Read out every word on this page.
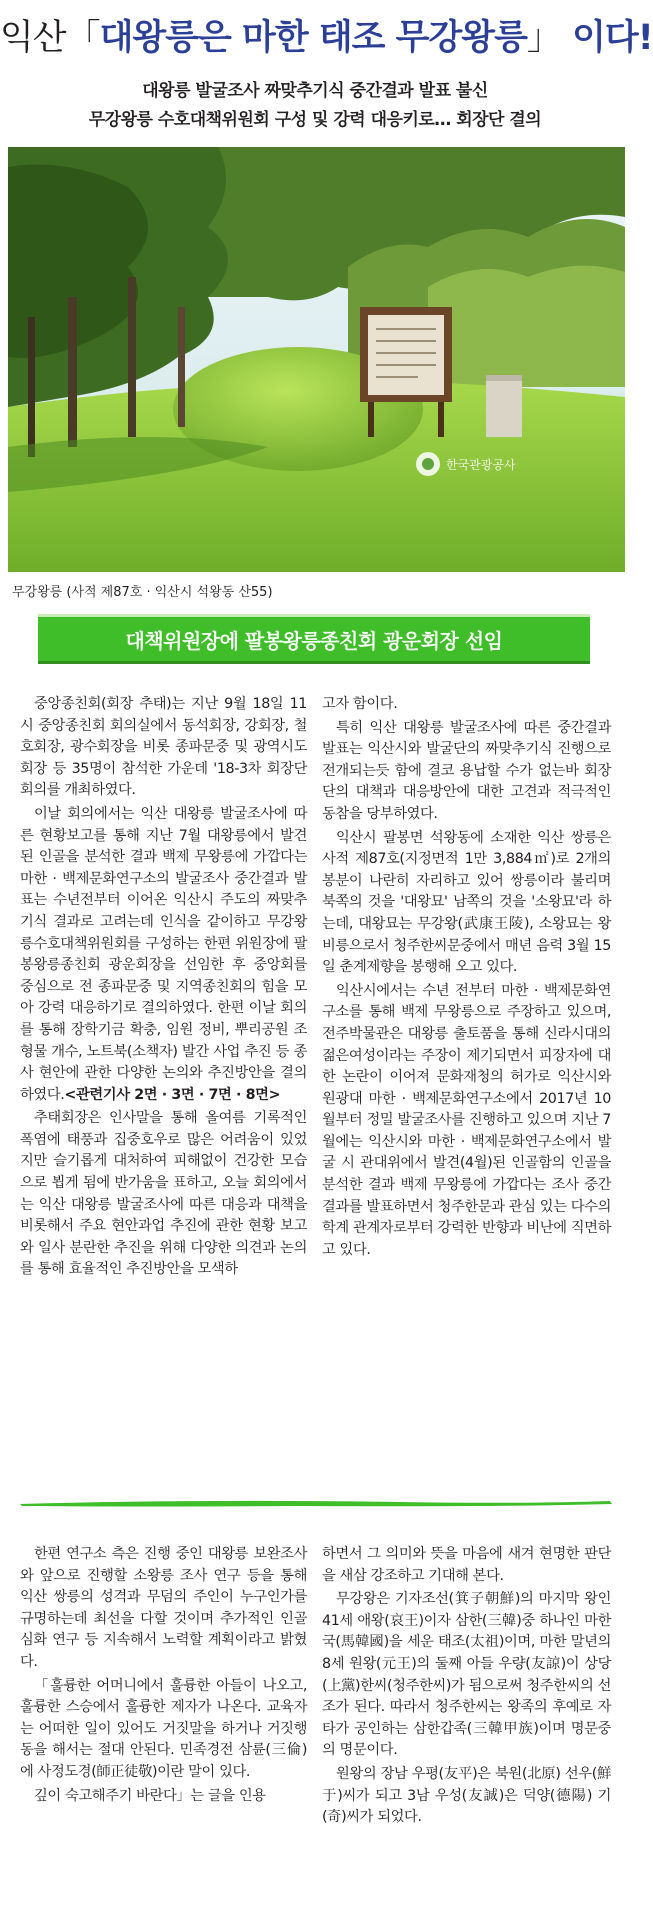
익산「대왕릉은 마한 태조 무강왕릉」 이다!
대왕릉 발굴조사 짜맞추기식 중간결과 발표 불신
무강왕릉 수호대책위원회 구성 및 강력 대응키로… 회장단 결의
한국관광공사
무강왕릉 (사적 제87호 · 익산시 석왕동 산55)
대책위원장에 팔봉왕릉종친회 광운회장 선임

중앙종친회(회장 추태)는 지난 9월 18일 11시 중앙종친회 회의실에서 동석회장, 강회장, 철호회장, 광수회장을 비롯 종파문중 및 광역시도회장 등 35명이 참석한 가운데 '18-3차 회장단회의를 개최하였다.

이날 회의에서는 익산 대왕릉 발굴조사에 따른 현황보고를 통해 지난 7월 대왕릉에서 발견된 인골을 분석한 결과 백제 무왕릉에 가깝다는 마한 · 백제문화연구소의 발굴조사 중간결과 발표는 수년전부터 이어온 익산시 주도의 짜맞추기식 결과로 고려는데 인식을 같이하고 무강왕릉수호대책위원회를 구성하는 한편 위원장에 팔봉왕릉종친회 광운회장을 선임한 후 중앙회를 중심으로 전 종파문중 및 지역종친회의 힘을 모아 강력 대응하기로 결의하였다. 한편 이날 회의를 통해 장학기금 확충, 임원 정비, 뿌리공원 조형물 개수, 노트북(소책자) 발간 사업 추진 등 종사 현안에 관한 다양한 논의와 추진방안을 결의하였다.<관련기사 2면 · 3면 · 7면 · 8면>

추태회장은 인사말을 통해 올여름 기록적인 폭염에 태풍과 집중호우로 많은 어려움이 있었지만 슬기롭게 대처하여 피해없이 건강한 모습으로 뵙게 됨에 반가움을 표하고, 오늘 회의에서는 익산 대왕릉 발굴조사에 따른 대응과 대책을 비롯해서 주요 현안과업 추진에 관한 현황 보고와 일사 분란한 추진을 위해 다양한 의견과 논의를 통해 효율적인 추진방안을 모색하

고자 함이다.

특히 익산 대왕릉 발굴조사에 따른 중간결과 발표는 익산시와 발굴단의 짜맞추기식 진행으로 전개되는듯 함에 결코 용납할 수가 없는바 회장단의 대책과 대응방안에 대한 고견과 적극적인 동참을 당부하였다.

익산시 팔봉면 석왕동에 소재한 익산 쌍릉은 사적 제87호(지정면적 1만 3,884㎡)로 2개의 봉분이 나란히 자리하고 있어 쌍릉이라 불리며 북쪽의 것을 '대왕묘' 남쪽의 것을 '소왕묘'라 하는데, 대왕묘는 무강왕(武康王陵), 소왕묘는 왕비릉으로서 청주한씨문중에서 매년 음력 3월 15일 춘계제향을 봉행해 오고 있다.

익산시에서는 수년 전부터 마한 · 백제문화연구소를 통해 백제 무왕릉으로 주장하고 있으며, 전주박물관은 대왕릉 출토품을 통해 신라시대의 젊은여성이라는 주장이 제기되면서 피장자에 대한 논란이 이어져 문화재청의 허가로 익산시와 원광대 마한 · 백제문화연구소에서 2017년 10월부터 정밀 발굴조사를 진행하고 있으며 지난 7월에는 익산시와 마한 · 백제문화연구소에서 발굴 시 관대위에서 발견(4월)된 인골함의 인골을 분석한 결과 백제 무왕릉에 가깝다는 조사 중간결과를 발표하면서 청주한문과 관심 있는 다수의 학계 관계자로부터 강력한 반향과 비난에 직면하고 있다.

한편 연구소 측은 진행 중인 대왕릉 보완조사와 앞으로 진행할 소왕릉 조사 연구 등을 통해 익산 쌍릉의 성격과 무덤의 주인이 누구인가를 규명하는데 최선을 다할 것이며 추가적인 인골 심화 연구 등 지속해서 노력할 계획이라고 밝혔다.

「훌륭한 어머니에서 훌륭한 아들이 나오고, 훌륭한 스승에서 훌륭한 제자가 나온다. 교육자는 어떠한 일이 있어도 거짓말을 하거나 거짓행동을 해서는 절대 안된다. 민족경전 삼륜(三倫)에 사정도경(師正徒敬)이란 말이 있다.

깊이 숙고해주기 바란다」는 글을 인용

하면서 그 의미와 뜻을 마음에 새겨 현명한 판단을 새삼 강조하고 기대해 본다.

무강왕은 기자조선(箕子朝鮮)의 마지막 왕인 41세 애왕(哀王)이자 삼한(三韓)중 하나인 마한국(馬韓國)을 세운 태조(太祖)이며, 마한 말년의 8세 원왕(元王)의 둘째 아들 우량(友諒)이 상당(上黨)한씨(청주한씨)가 됨으로써 청주한씨의 선조가 된다. 따라서 청주한씨는 왕족의 후예로 자타가 공인하는 삼한갑족(三韓甲族)이며 명문중의 명문이다.

원왕의 장남 우평(友平)은 북원(北原) 선우(鮮于)씨가 되고 3남 우성(友誠)은 덕양(德陽) 기(奇)씨가 되었다.
